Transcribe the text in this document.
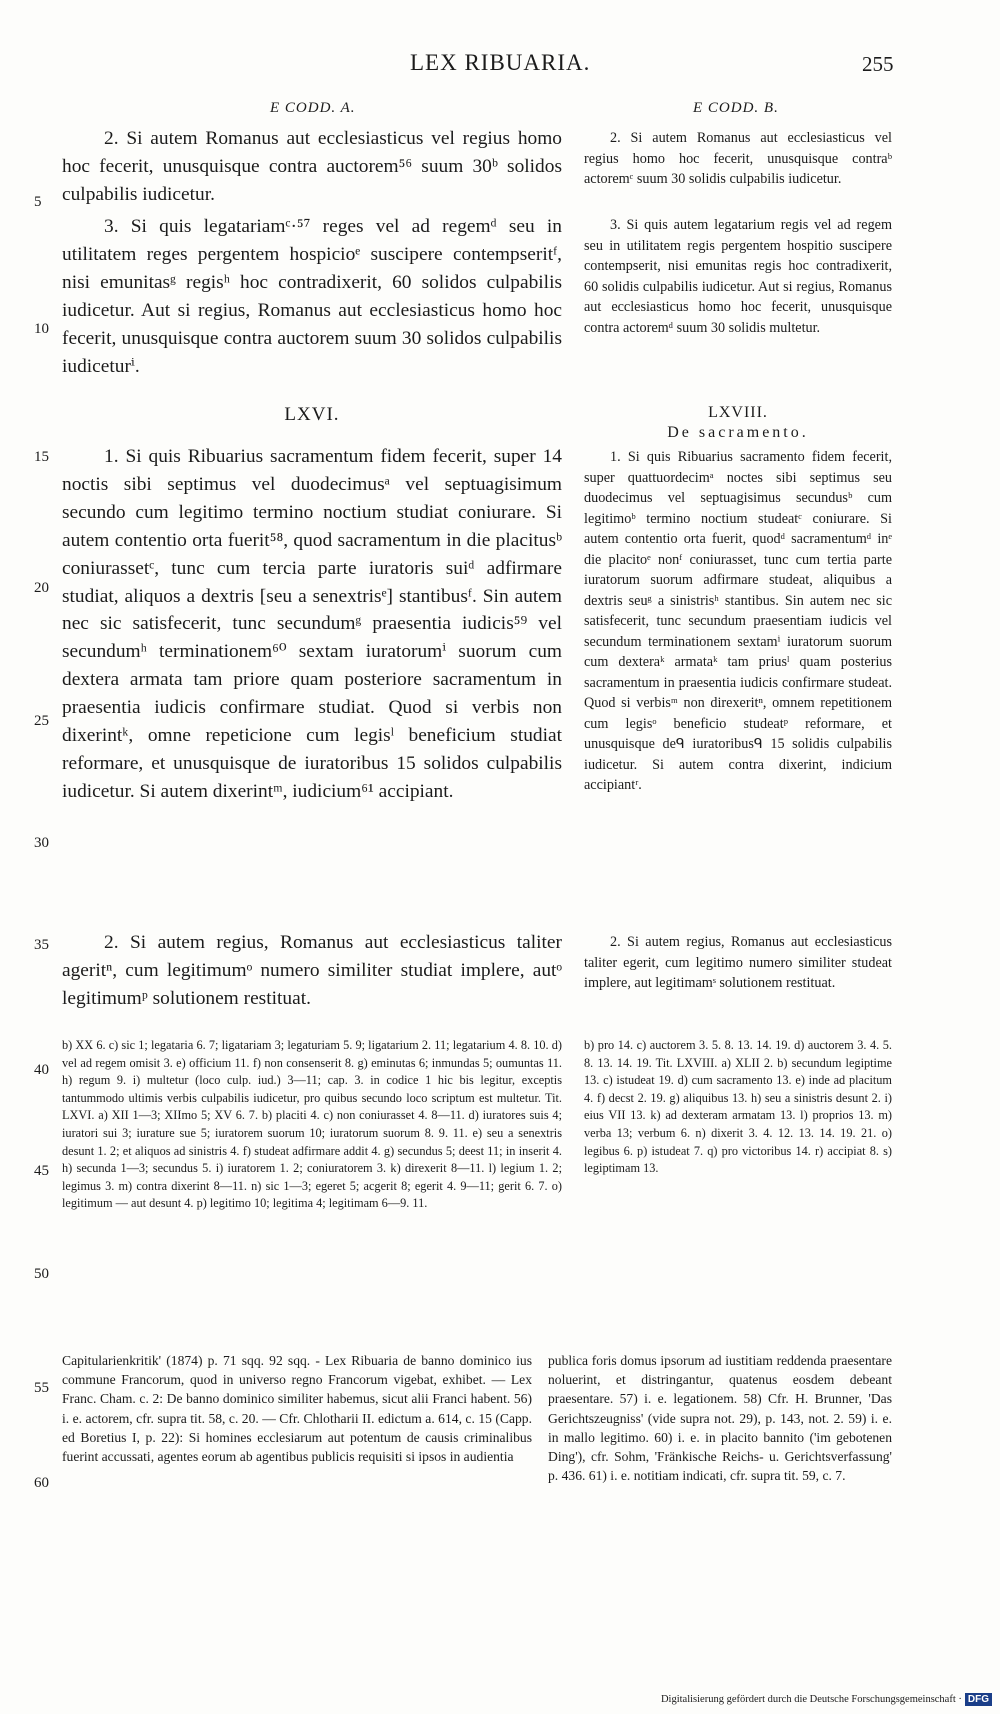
LEX RIBUARIA.	255
5
10
15
20
25
30
35
40
45
50
55
60
E CODD. A.
2. Si autem Romanus aut ecclesiasticus vel regius homo hoc fecerit, unusquisque contra auctorem⁵⁶ suum 30ᵇ solidos culpabilis iudicetur.
3. Si quis legatariamᶜ·⁵⁷ reges vel ad regemᵈ seu in utilitatem reges pergentem hospicioᵉ suscipere contempseritᶠ, nisi emunitasᵍ regisʰ hoc contradixerit, 60 solidos culpabilis iudicetur. Aut si regius, Romanus aut ecclesiasticus homo hoc fecerit, unusquisque contra auctorem suum 30 solidos culpabilis iudiceturⁱ.
LXVI.
1. Si quis Ribuarius sacramentum fidem fecerit, super 14 noctis sibi septimus vel duodecimusᵃ vel septuagisimum secundo cum legitimo termino noctium studiat coniurare. Si autem contentio orta fuerit⁵⁸, quod sacramentum in die placitusᵇ coniurassetᶜ, tunc cum tercia parte iuratoris suiᵈ adfirmare studiat, aliquos a dextris [seu a senextrisᵉ] stantibusᶠ. Sin autem nec sic satisfecerit, tunc secundumᵍ praesentia iudicis⁵⁹ vel secundumʰ terminationem⁶⁰ sextam iuratorumⁱ suorum cum dextera armata tam priore quam posteriore sacramentum in praesentia iudicis confirmare studiat. Quod si verbis non dixerintᵏ, omne repeticione cum legisˡ beneficium studiat reformare, et unusquisque de iuratoribus 15 solidos culpabilis iudicetur. Si autem dixerintᵐ, iudicium⁶¹ accipiant.
2. Si autem regius, Romanus aut ecclesiasticus taliter ageritⁿ, cum legitimumᵒ numero similiter studiat implere, autᵒ legitimumᵖ solutionem restituat.
E CODD. B.
2. Si autem Romanus aut ecclesiasticus vel regius homo hoc fecerit, unusquisque contraᵇ actoremᶜ suum 30 solidis culpabilis iudicetur.
3. Si quis autem legatarium regis vel ad regem seu in utilitatem regis pergentem hospitio suscipere contempserit, nisi emunitas regis hoc contradixerit, 60 solidis culpabilis iudicetur. Aut si regius, Romanus aut ecclesiasticus homo hoc fecerit, unusquisque contra actoremᵈ suum 30 solidis multetur.
LXVIII.
De sacramento.
1. Si quis Ribuarius sacramento fidem fecerit, super quattuordecimᵃ noctes sibi septimus seu duodecimus vel septuagisimus secundusᵇ cum legitimoᵇ termino noctium studeatᶜ coniurare. Si autem contentio orta fuerit, quodᵈ sacramentumᵈ inᵉ die placitoᵉ nonᶠ coniurasset, tunc cum tertia parte iuratorum suorum adfirmare studeat, aliquibus a dextris seuᵍ a sinistrisʰ stantibus. Sin autem nec sic satisfecerit, tunc secundum praesentiam iudicis vel secundum terminationem sextamⁱ iuratorum suorum cum dexteraᵏ armataᵏ tam priusˡ quam posterius sacramentum in praesentia iudicis confirmare studeat. Quod si verbisᵐ non direxeritⁿ, omnem repetitionem cum legisᵒ beneficio studeatᵖ reformare, et unusquisque deᑫ iuratoribusᑫ 15 solidis culpabilis iudicetur. Si autem contra dixerint, indicium accipiantʳ.
2. Si autem regius, Romanus aut ecclesiasticus taliter egerit, cum legitimo numero similiter studeat implere, aut legitimamˢ solutionem restituat.
b) XX 6. c) sic 1; legataria 6. 7; ligatariam 3; legaturiam 5. 9; ligatarium 2. 11; legatarium 4. 8. 10. d) vel ad regem omisit 3. e) officium 11. f) non consenserit 8. g) eminutas 6; inmundas 5; oumuntas 11. h) regum 9. i) multetur (loco culp. iud.) 3—11; cap. 3. in codice 1 hic bis legitur, exceptis tantummodo ultimis verbis culpabilis iudicetur, pro quibus secundo loco scriptum est multetur. Tit. LXVI. a) XII 1—3; XIImo 5; XV 6. 7. b) placiti 4. c) non coniurasset 4. 8—11. d) iuratores suis 4; iuratori sui 3; iurature sue 5; iuratorem suorum 10; iuratorum suorum 8. 9. 11. e) seu a senextris desunt 1. 2; et aliquos ad sinistris 4. f) studeat adfirmare addit 4. g) secundus 5; deest 11; in inserit 4. h) secunda 1—3; secundus 5. i) iuratorem 1. 2; coniuratorem 3. k) direxerit 8—11. l) legium 1. 2; legimus 3. m) contra dixerint 8—11. n) sic 1—3; egeret 5; acgerit 8; egerit 4. 9—11; gerit 6. 7. o) legitimum — aut desunt 4. p) legitimo 10; legitima 4; legitimam 6—9. 11.
b) pro 14. c) auctorem 3. 5. 8. 13. 14. 19. d) auctorem 3. 4. 5. 8. 13. 14. 19. Tit. LXVIII. a) XLII 2. b) secundum legiptime 13. c) istudeat 19. d) cum sacramento 13. e) inde ad placitum 4. f) decst 2. 19. g) aliquibus 13. h) seu a sinistris desunt 2. i) eius VII 13. k) ad dexteram armatam 13. l) proprios 13. m) verba 13; verbum 6. n) dixerit 3. 4. 12. 13. 14. 19. 21. o) legibus 6. p) istudeat 7. q) pro victoribus 14. r) accipiat 8. s) legiptimam 13.
Capitularienkritik' (1874) p. 71 sqq. 92 sqq. - Lex Ribuaria de banno dominico ius commune Francorum, quod in universo regno Francorum vigebat, exhibet. — Lex Franc. Cham. c. 2: De banno dominico similiter habemus, sicut alii Franci habent. 56) i. e. actorem, cfr. supra tit. 58, c. 20. — Cfr. Chlotharii II. edictum a. 614, c. 15 (Capp. ed Boretius I, p. 22): Si homines ecclesiarum aut potentum de causis criminalibus fuerint accussati, agentes eorum ab agentibus publicis requisiti si ipsos in audientia
publica foris domus ipsorum ad iustitiam reddenda praesentare noluerint, et distringantur, quatenus eosdem debeant praesentare. 57) i. e. legationem. 58) Cfr. H. Brunner, 'Das Gerichtszeugniss' (vide supra not. 29), p. 143, not. 2. 59) i. e. in mallo legitimo. 60) i. e. in placito bannito ('im gebotenen Ding'), cfr. Sohm, 'Fränkische Reichs- u. Gerichtsverfassung' p. 436. 61) i. e. notitiam indicati, cfr. supra tit. 59, c. 7.
Digitalisierung gefördert durch die Deutsche Forschungsgemeinschaft · DFG
